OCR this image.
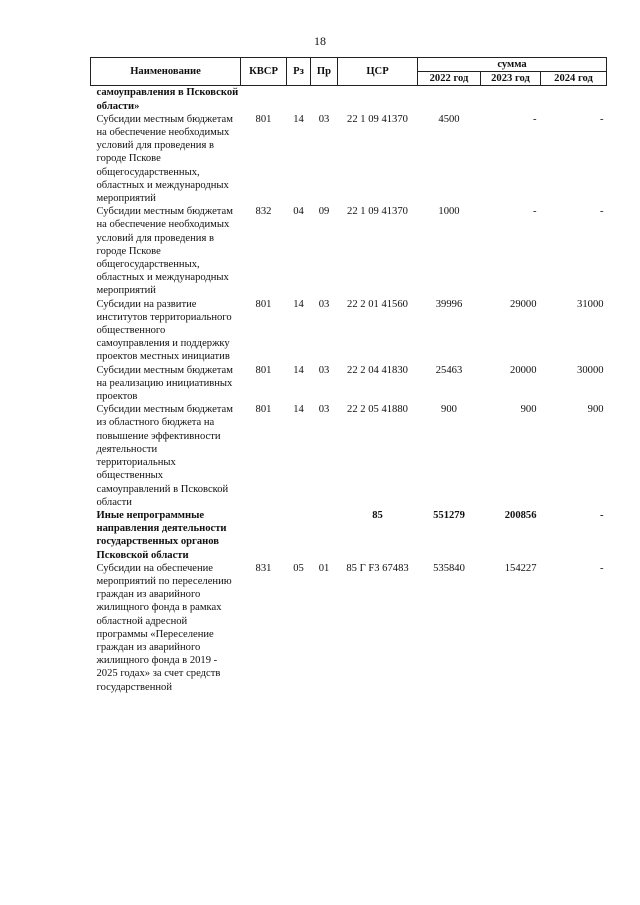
18
Наименование	КВСР	Рз	Пр	ЦСР	сумма		
					2022 год	2023 год	2024 год
самоуправления в Псковской области»							
Субсидии местным бюджетам на обеспечение необходимых условий для проведения в городе Пскове общегосударственных, областных и международных мероприятий	801	14	03	22 1 09 41370	4500	-	-
Субсидии местным бюджетам на обеспечение необходимых условий для проведения в городе Пскове общегосударственных, областных и международных мероприятий	832	04	09	22 1 09 41370	1000	-	-
Субсидии на развитие институтов территориального общественного самоуправления и поддержку проектов местных инициатив	801	14	03	22 2 01 41560	39996	29000	31000
Субсидии местным бюджетам на реализацию инициативных проектов	801	14	03	22 2 04 41830	25463	20000	30000
Субсидии местным бюджетам из областного бюджета на повышение эффективности деятельности территориальных общественных самоуправлений в Псковской области	801	14	03	22 2 05 41880	900	900	900
Иные непрограммные направления деятельности государственных органов Псковской области				85	551279	200856	-
Субсидии на обеспечение мероприятий по переселению граждан из аварийного жилищного фонда в рамках областной адресной программы «Переселение граждан из аварийного жилищного фонда в 2019 - 2025 годах» за счет средств государственной	831	05	01	85 Г F3 67483	535840	154227	-
